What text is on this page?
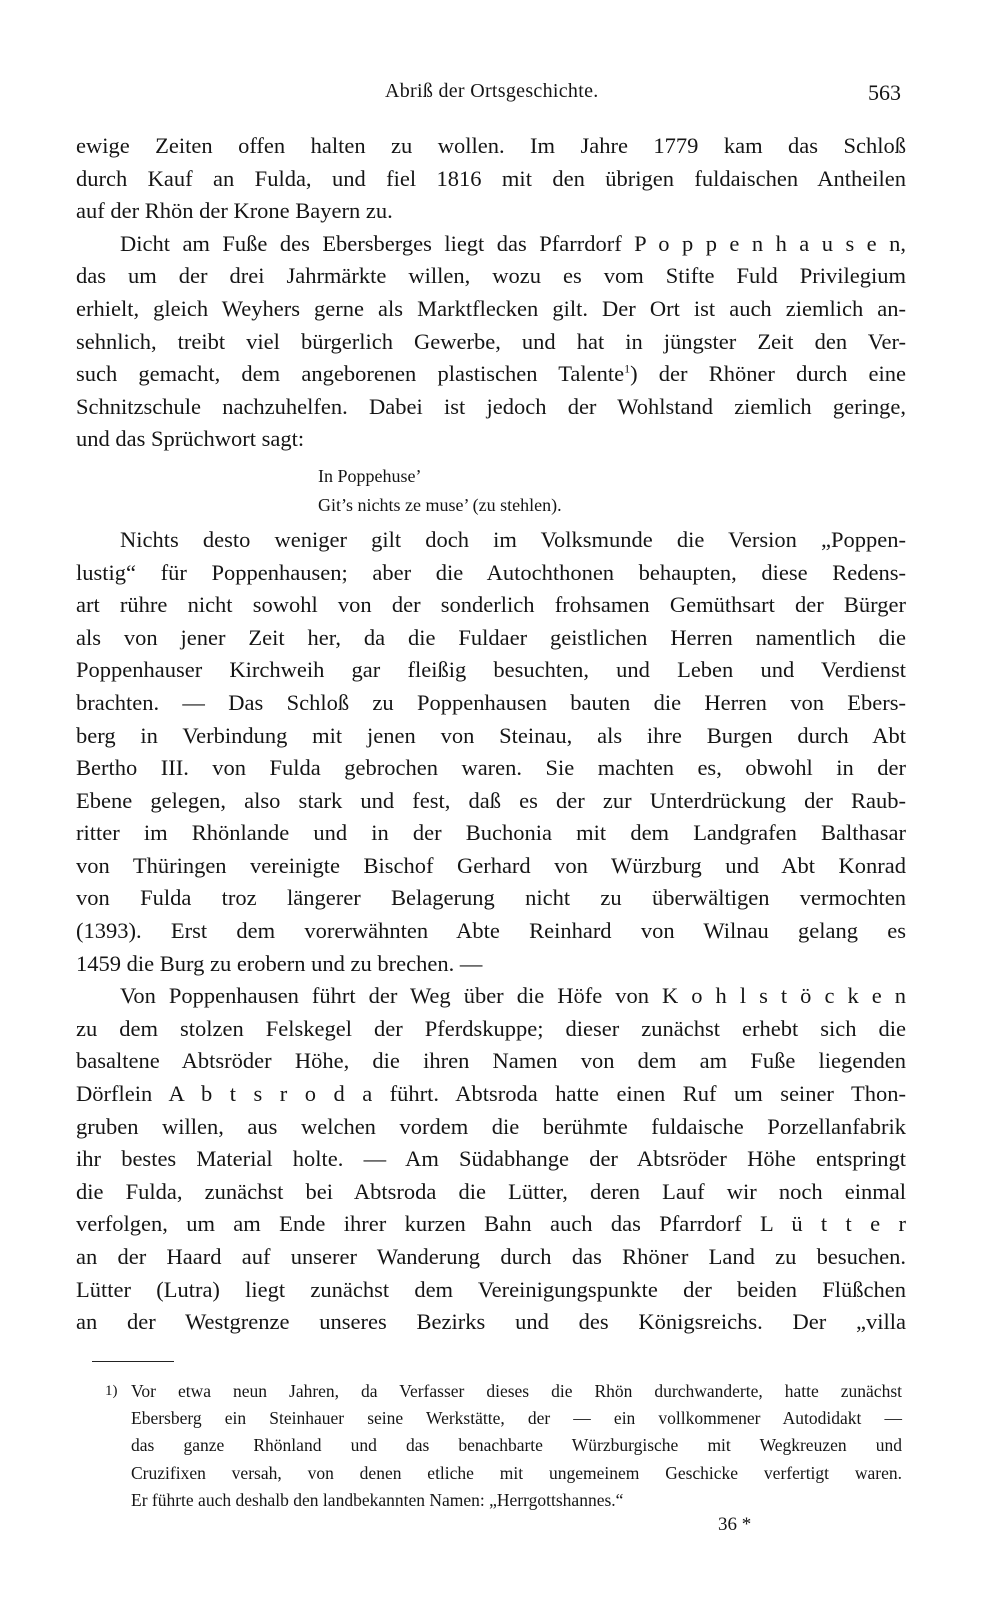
Abriß der Ortsgeschichte.	563
ewige Zeiten offen halten zu wollen. Im Jahre 1779 kam das Schloß
durch Kauf an Fulda, und fiel 1816 mit den übrigen fuldaischen Antheilen
auf der Rhön der Krone Bayern zu.
Dicht am Fuße des Ebersberges liegt das Pfarrdorf P o p p e n h a u s e n,
das um der drei Jahrmärkte willen, wozu es vom Stifte Fuld Privilegium
erhielt, gleich Weyhers gerne als Marktflecken gilt. Der Ort ist auch ziemlich an-
sehnlich, treibt viel bürgerlich Gewerbe, und hat in jüngster Zeit den Ver-
such gemacht, dem angeborenen plastischen Talente$^1$) der Rhöner durch eine
Schnitzschule nachzuhelfen. Dabei ist jedoch der Wohlstand ziemlich geringe,
und das Sprüchwort sagt:
In Poppehuse’
Git’s nichts ze muse’ (zu stehlen).
Nichts desto weniger gilt doch im Volksmunde die Version „Poppen-
lustig“ für Poppenhausen; aber die Autochthonen behaupten, diese Redens-
art rühre nicht sowohl von der sonderlich frohsamen Gemüthsart der Bürger
als von jener Zeit her, da die Fuldaer geistlichen Herren namentlich die
Poppenhauser Kirchweih gar fleißig besuchten, und Leben und Verdienst
brachten. — Das Schloß zu Poppenhausen bauten die Herren von Ebers-
berg in Verbindung mit jenen von Steinau, als ihre Burgen durch Abt
Bertho III. von Fulda gebrochen waren. Sie machten es, obwohl in der
Ebene gelegen, also stark und fest, daß es der zur Unterdrückung der Raub-
ritter im Rhönlande und in der Buchonia mit dem Landgrafen Balthasar
von Thüringen vereinigte Bischof Gerhard von Würzburg und Abt Konrad
von Fulda troz längerer Belagerung nicht zu überwältigen vermochten
(1393). Erst dem vorerwähnten Abte Reinhard von Wilnau gelang es
1459 die Burg zu erobern und zu brechen. —
Von Poppenhausen führt der Weg über die Höfe von K o h l s t ö c k e n
zu dem stolzen Felskegel der Pferdskuppe; dieser zunächst erhebt sich die
basaltene Abtsröder Höhe, die ihren Namen von dem am Fuße liegenden
Dörflein A b t s r o d a führt. Abtsroda hatte einen Ruf um seiner Thon-
gruben willen, aus welchen vordem die berühmte fuldaische Porzellanfabrik
ihr bestes Material holte. — Am Südabhange der Abtsröder Höhe entspringt
die Fulda, zunächst bei Abtsroda die Lütter, deren Lauf wir noch einmal
verfolgen, um am Ende ihrer kurzen Bahn auch das Pfarrdorf L ü t t e r
an der Haard auf unserer Wanderung durch das Rhöner Land zu besuchen.
Lütter (Lutra) liegt zunächst dem Vereinigungspunkte der beiden Flüßchen
an der Westgrenze unseres Bezirks und des Königsreichs. Der „villa
1) Vor etwa neun Jahren, da Verfasser dieses die Rhön durchwanderte, hatte zunächst
Ebersberg ein Steinhauer seine Werkstätte, der — ein vollkommener Autodidakt —
das ganze Rhönland und das benachbarte Würzburgische mit Wegkreuzen und
Cruzifixen versah, von denen etliche mit ungemeinem Geschicke verfertigt waren.
Er führte auch deshalb den landbekannten Namen: „Herrgottshannes.“
36 *
